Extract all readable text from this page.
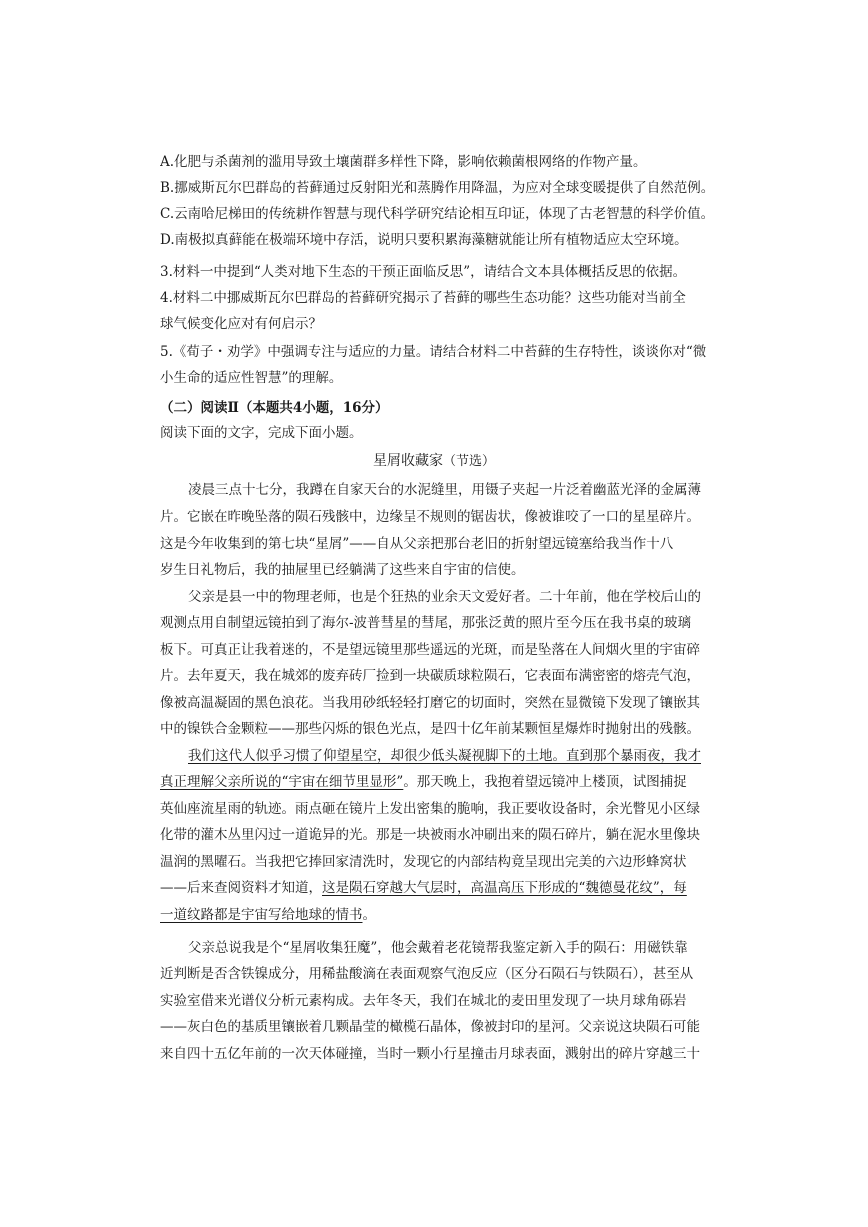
A.化肥与杀菌剂的滥用导致土壤菌群多样性下降，影响依赖菌根网络的作物产量。
B.挪威斯瓦尔巴群岛的苔藓通过反射阳光和蒸腾作用降温，为应对全球变暖提供了自然范例。
C.云南哈尼梯田的传统耕作智慧与现代科学研究结论相互印证，体现了古老智慧的科学价值。
D.南极拟真藓能在极端环境中存活，说明只要积累海藻糖就能让所有植物适应太空环境。
3.材料一中提到“人类对地下生态的干预正面临反思”，请结合文本具体概括反思的依据。
4.材料二中挪威斯瓦尔巴群岛的苔藓研究揭示了苔藓的哪些生态功能？这些功能对当前全
球气候变化应对有何启示？
5.《荀子・劝学》中强调专注与适应的力量。请结合材料二中苔藓的生存特性，谈谈你对“微
小生命的适应性智慧”的理解。
（二）阅读Ⅱ（本题共4小题，16分）
阅读下面的文字，完成下面小题。
星屑收藏家（节选）
凌晨三点十七分，我蹲在自家天台的水泥缝里，用镊子夹起一片泛着幽蓝光泽的金属薄
片。它嵌在昨晚坠落的陨石残骸中，边缘呈不规则的锯齿状，像被谁咬了一口的星星碎片。
这是今年收集到的第七块“星屑”——自从父亲把那台老旧的折射望远镜塞给我当作十八
岁生日礼物后，我的抽屉里已经躺满了这些来自宇宙的信使。
父亲是县一中的物理老师，也是个狂热的业余天文爱好者。二十年前，他在学校后山的
观测点用自制望远镜拍到了海尔-波普彗星的彗尾，那张泛黄的照片至今压在我书桌的玻璃
板下。可真正让我着迷的，不是望远镜里那些遥远的光斑，而是坠落在人间烟火里的宇宙碎
片。去年夏天，我在城郊的废弃砖厂捡到一块碳质球粒陨石，它表面布满密密的熔壳气泡，
像被高温凝固的黑色浪花。当我用砂纸轻轻打磨它的切面时，突然在显微镜下发现了镶嵌其
中的镍铁合金颗粒——那些闪烁的银色光点，是四十亿年前某颗恒星爆炸时抛射出的残骸。
我们这代人似乎习惯了仰望星空，却很少低头凝视脚下的土地。直到那个暴雨夜，我才
真正理解父亲所说的“宇宙在细节里显形”。那天晚上，我抱着望远镜冲上楼顶，试图捕捉
英仙座流星雨的轨迹。雨点砸在镜片上发出密集的脆响，我正要收设备时，余光瞥见小区绿
化带的灌木丛里闪过一道诡异的光。那是一块被雨水冲刷出来的陨石碎片，躺在泥水里像块
温润的黑曜石。当我把它捧回家清洗时，发现它的内部结构竟呈现出完美的六边形蜂窝状
——后来查阅资料才知道，这是陨石穿越大气层时，高温高压下形成的“魏德曼花纹”，每
一道纹路都是宇宙写给地球的情书。
父亲总说我是个“星屑收集狂魔”，他会戴着老花镜帮我鉴定新入手的陨石：用磁铁靠
近判断是否含铁镍成分，用稀盐酸滴在表面观察气泡反应（区分石陨石与铁陨石），甚至从
实验室借来光谱仪分析元素构成。去年冬天，我们在城北的麦田里发现了一块月球角砾岩
——灰白色的基质里镶嵌着几颗晶莹的橄榄石晶体，像被封印的星河。父亲说这块陨石可能
来自四十五亿年前的一次天体碰撞，当时一颗小行星撞击月球表面，溅射出的碎片穿越三十
